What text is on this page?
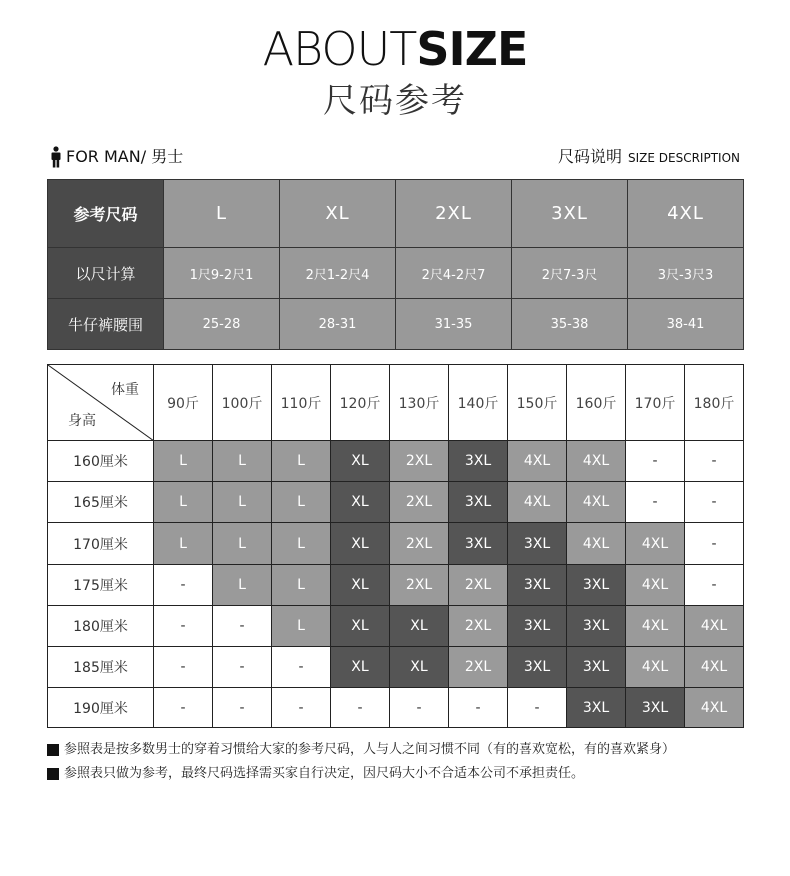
ABOUTSIZE
尺码参考
FOR MAN/ 男士	尺码说明 SIZE DESCRIPTION
参考尺码	L	XL	2XL	3XL	4XL
以尺计算	1尺9-2尺1	2尺1-2尺4	2尺4-2尺7	2尺7-3尺	3尺-3尺3
牛仔裤腰围	25-28	28-31	31-35	35-38	38-41
体重
身高	90斤	100斤	110斤	120斤	130斤	140斤	150斤	160斤	170斤	180斤
160厘米	L	L	L	XL	2XL	3XL	4XL	4XL	-	-
165厘米	L	L	L	XL	2XL	3XL	4XL	4XL	-	-
170厘米	L	L	L	XL	2XL	3XL	3XL	4XL	4XL	-
175厘米	-	L	L	XL	2XL	2XL	3XL	3XL	4XL	-
180厘米	-	-	L	XL	XL	2XL	3XL	3XL	4XL	4XL
185厘米	-	-	-	XL	XL	2XL	3XL	3XL	4XL	4XL
190厘米	-	-	-	-	-	-	-	3XL	3XL	4XL
参照表是按多数男士的穿着习惯给大家的参考尺码，人与人之间习惯不同（有的喜欢宽松，有的喜欢紧身）
参照表只做为参考，最终尺码选择需买家自行决定，因尺码大小不合适本公司不承担责任。
